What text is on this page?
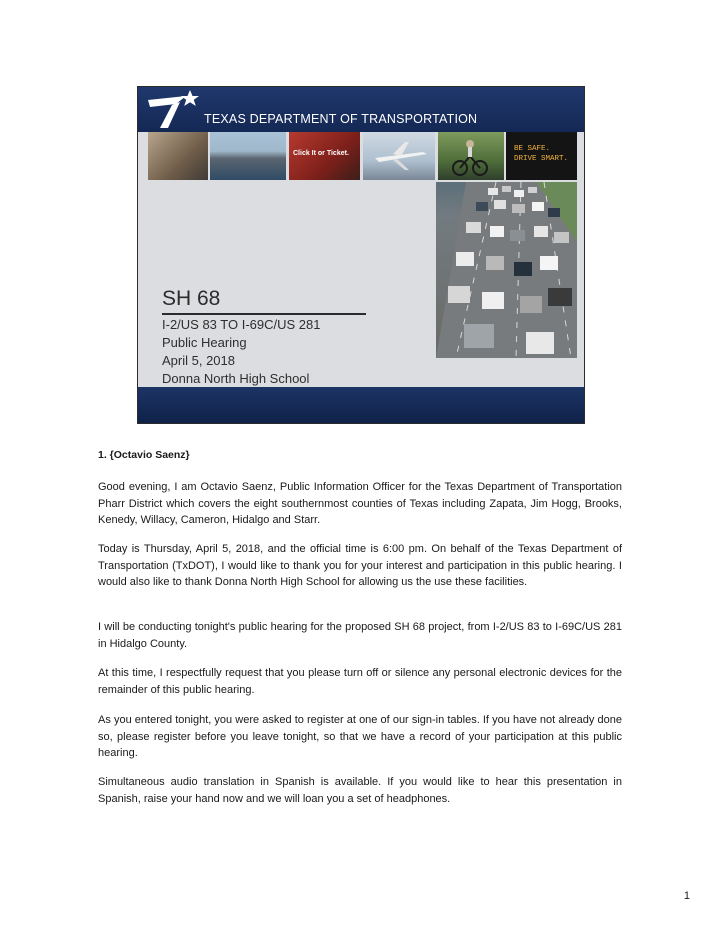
TEXAS DEPARTMENT OF TRANSPORTATION
Click It or Ticket.
BE SAFE.
DRIVE SMART.
SH 68
I-2/US 83 TO I-69C/US 281
Public Hearing
April 5, 2018
Donna North High School
1. {Octavio Saenz}

Good evening, I am Octavio Saenz, Public Information Officer for the Texas Department of Transportation Pharr District which covers the eight southernmost counties of Texas including Zapata, Jim Hogg, Brooks, Kenedy, Willacy, Cameron, Hidalgo and Starr.

Today is Thursday, April 5, 2018, and the official time is 6:00 pm. On behalf of the Texas Department of Transportation (TxDOT), I would like to thank you for your interest and participation in this public hearing. I would also like to thank Donna North High School for allowing us the use these facilities.

I will be conducting tonight's public hearing for the proposed SH 68 project, from I-2/US 83 to I-69C/US 281 in Hidalgo County.

At this time, I respectfully request that you please turn off or silence any personal electronic devices for the remainder of this public hearing.

As you entered tonight, you were asked to register at one of our sign-in tables. If you have not already done so, please register before you leave tonight, so that we have a record of your participation at this public hearing.

Simultaneous audio translation in Spanish is available. If you would like to hear this presentation in Spanish, raise your hand now and we will loan you a set of headphones.

1
